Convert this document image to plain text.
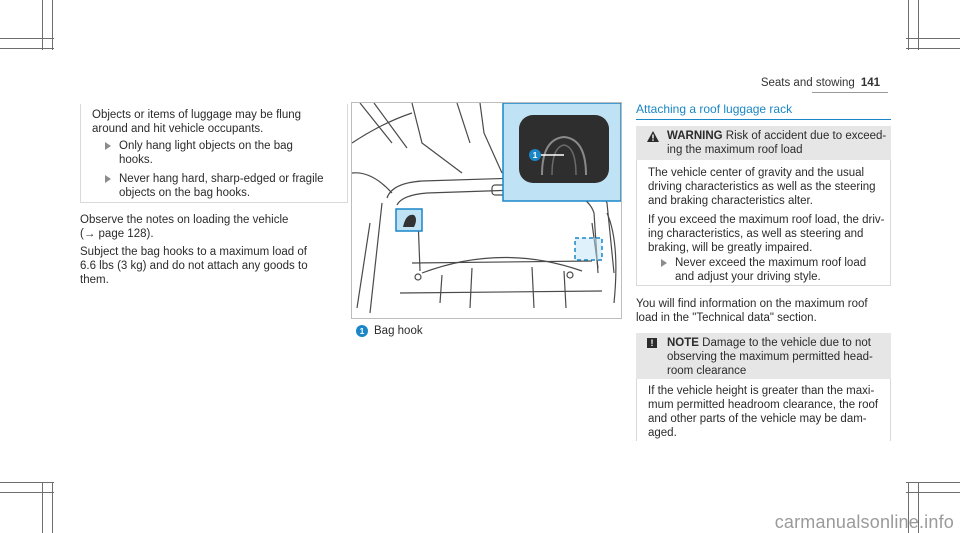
Seats and stowing 141
Objects or items of luggage may be flung
around and hit vehicle occupants.
Only hang light objects on the bag
hooks.
Never hang hard, sharp-edged or fragile
objects on the bag hooks.
Observe the notes on loading the vehicle
(→ page 128).
Subject the bag hooks to a maximum load of
6.6 lbs (3 kg) and do not attach any goods to
them.
1
1 Bag hook
Attaching a roof luggage rack
WARNING Risk of accident due to exceed-
ing the maximum roof load
The vehicle center of gravity and the usual
driving characteristics as well as the steering
and braking characteristics alter.
If you exceed the maximum roof load, the driv-
ing characteristics, as well as steering and
braking, will be greatly impaired.
Never exceed the maximum roof load
and adjust your driving style.
You will find information on the maximum roof
load in the "Technical data" section.
!	NOTE Damage to the vehicle due to not
observing the maximum permitted head-
room clearance
If the vehicle height is greater than the maxi-
mum permitted headroom clearance, the roof
and other parts of the vehicle may be dam-
aged.
carmanualsonline.info
